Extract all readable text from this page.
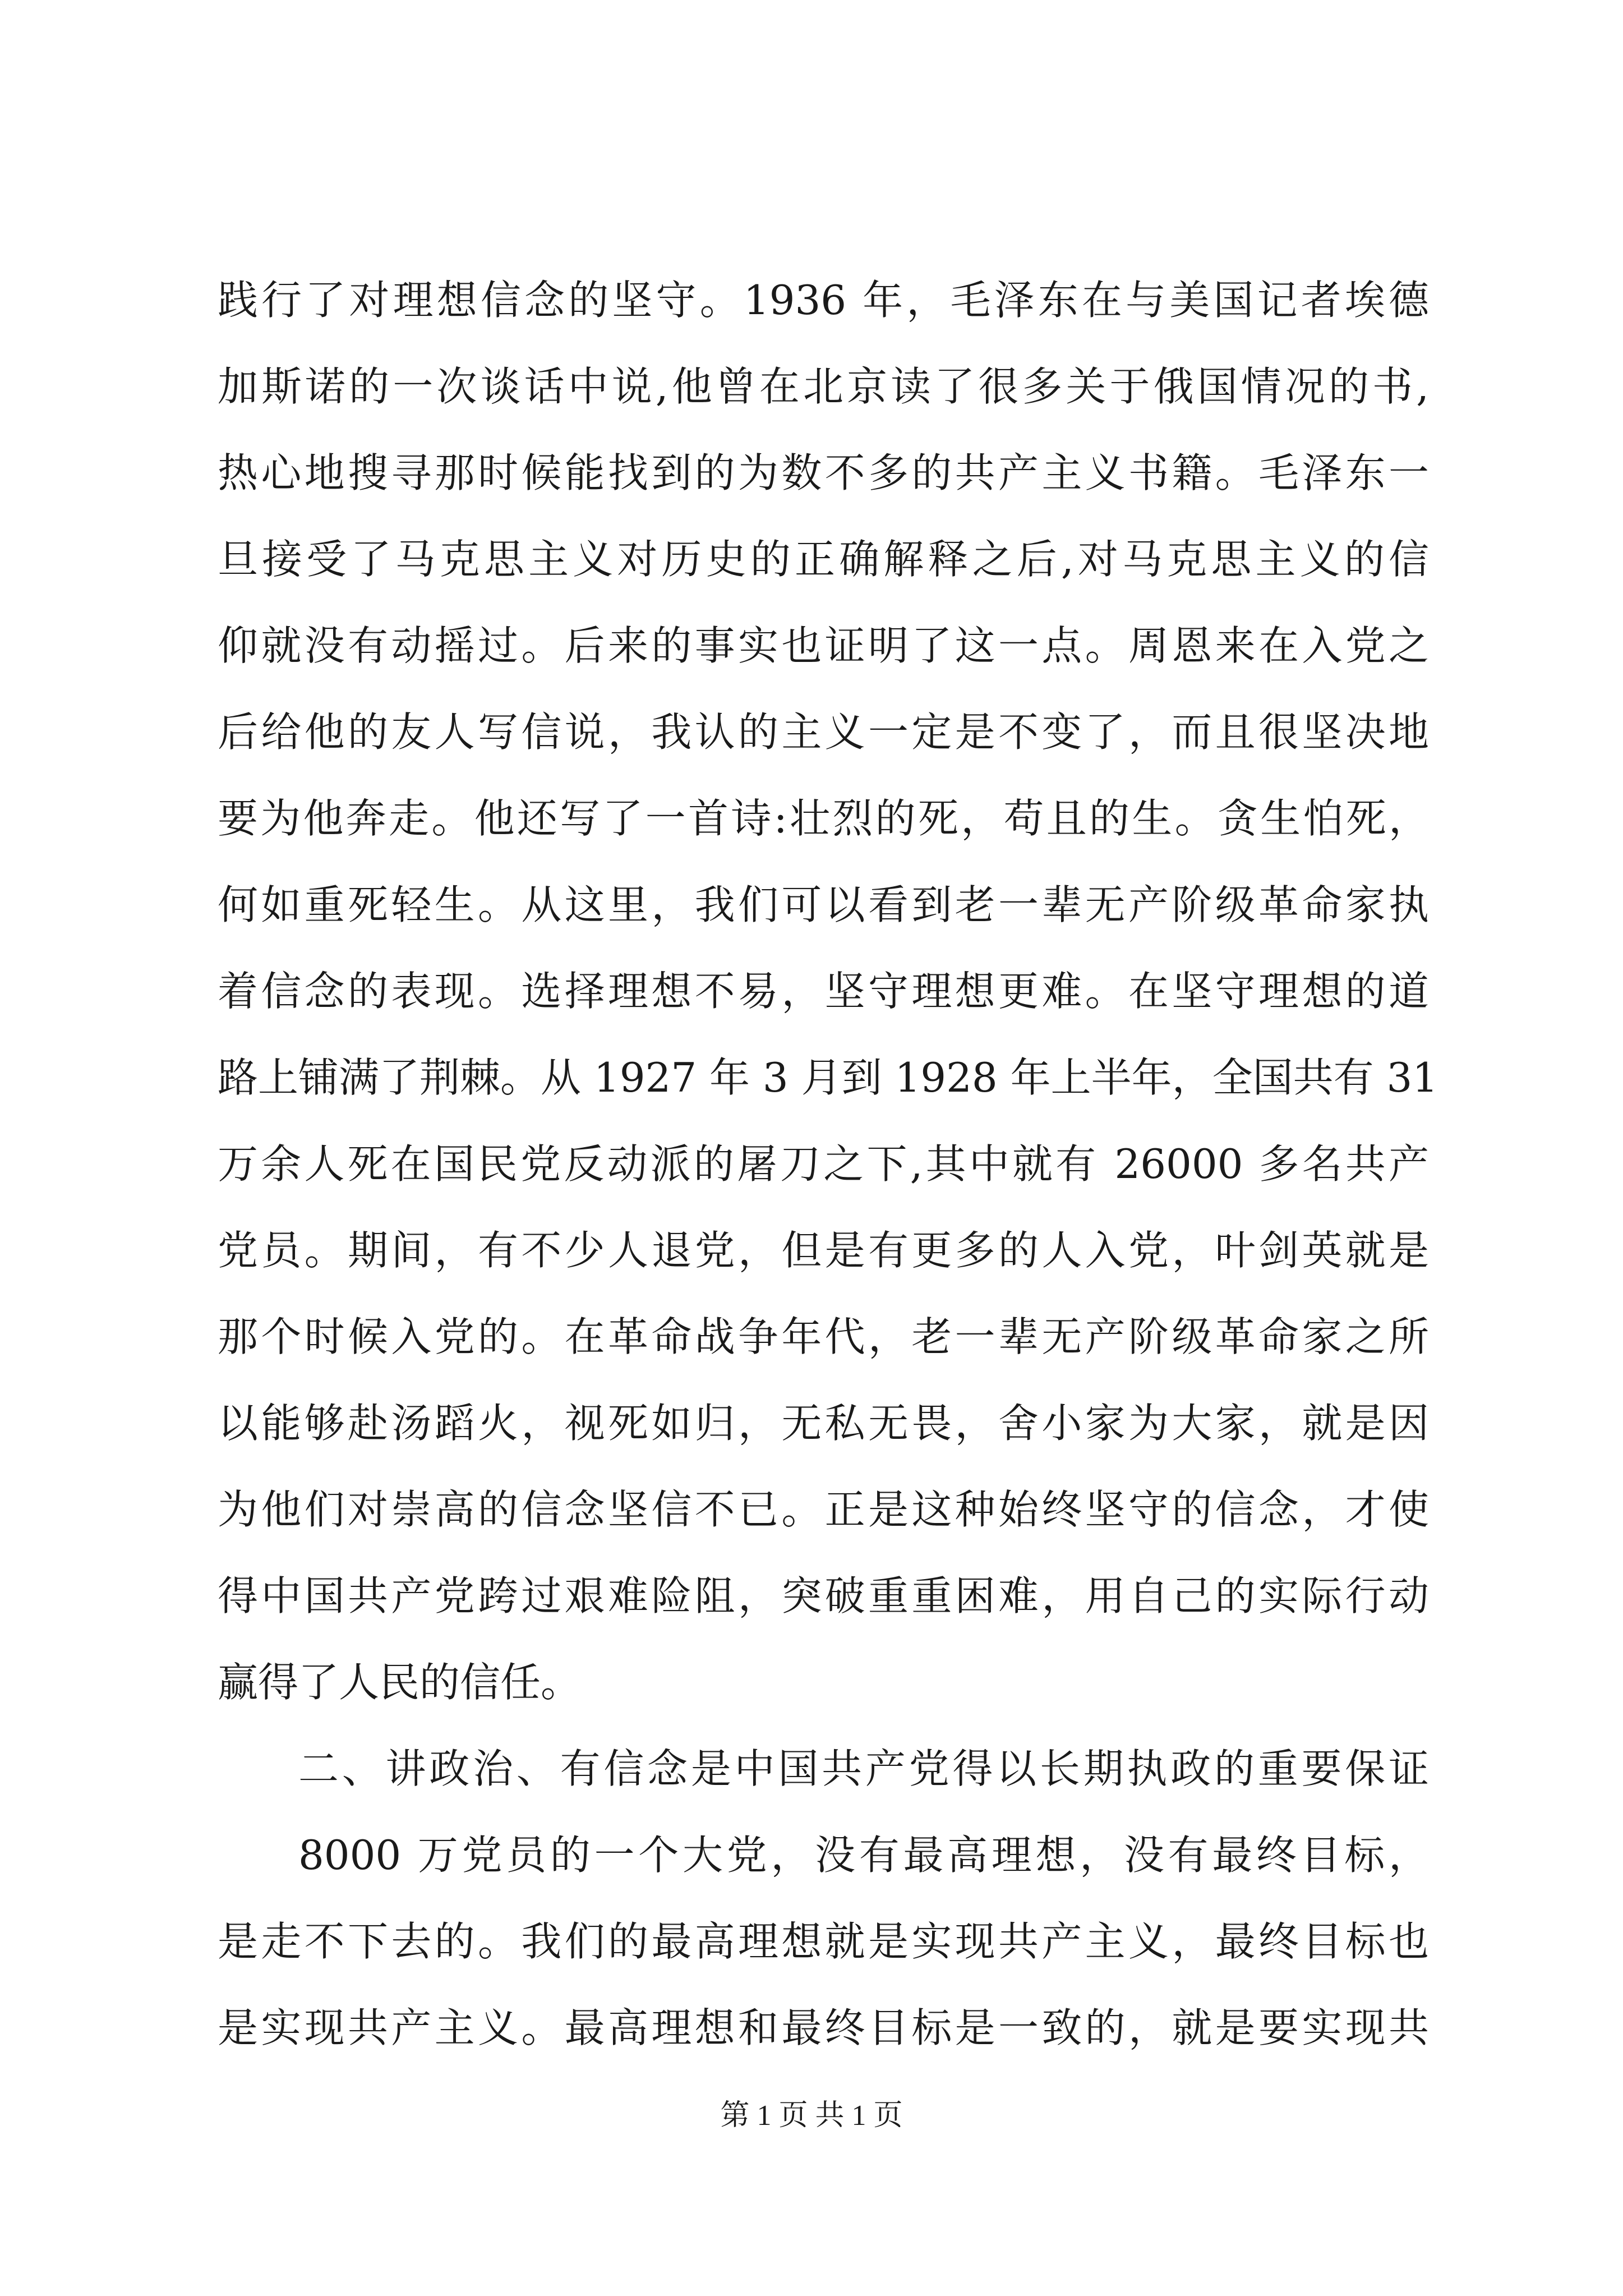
践行了对理想信念的坚守。1936 年，毛泽东在与美国记者埃德
加斯诺的一次谈话中说,他曾在北京读了很多关于俄国情况的书,
热心地搜寻那时候能找到的为数不多的共产主义书籍。毛泽东一
旦接受了马克思主义对历史的正确解释之后,对马克思主义的信
仰就没有动摇过。后来的事实也证明了这一点。周恩来在入党之
后给他的友人写信说，我认的主义一定是不变了，而且很坚决地
要为他奔走。他还写了一首诗:壮烈的死，苟且的生。贪生怕死，
何如重死轻生。从这里，我们可以看到老一辈无产阶级革命家执
着信念的表现。选择理想不易，坚守理想更难。在坚守理想的道
路上铺满了荆棘。从 1927 年 3 月到 1928 年上半年，全国共有 31
万余人死在国民党反动派的屠刀之下,其中就有 26000 多名共产
党员。期间，有不少人退党，但是有更多的人入党，叶剑英就是
那个时候入党的。在革命战争年代，老一辈无产阶级革命家之所
以能够赴汤蹈火，视死如归，无私无畏，舍小家为大家，就是因
为他们对崇高的信念坚信不已。正是这种始终坚守的信念，才使
得中国共产党跨过艰难险阻，突破重重困难，用自己的实际行动
赢得了人民的信任。
二、讲政治、有信念是中国共产党得以长期执政的重要保证
8000 万党员的一个大党，没有最高理想，没有最终目标，
是走不下去的。我们的最高理想就是实现共产主义，最终目标也
是实现共产主义。最高理想和最终目标是一致的，就是要实现共
第 1 页 共 1 页
